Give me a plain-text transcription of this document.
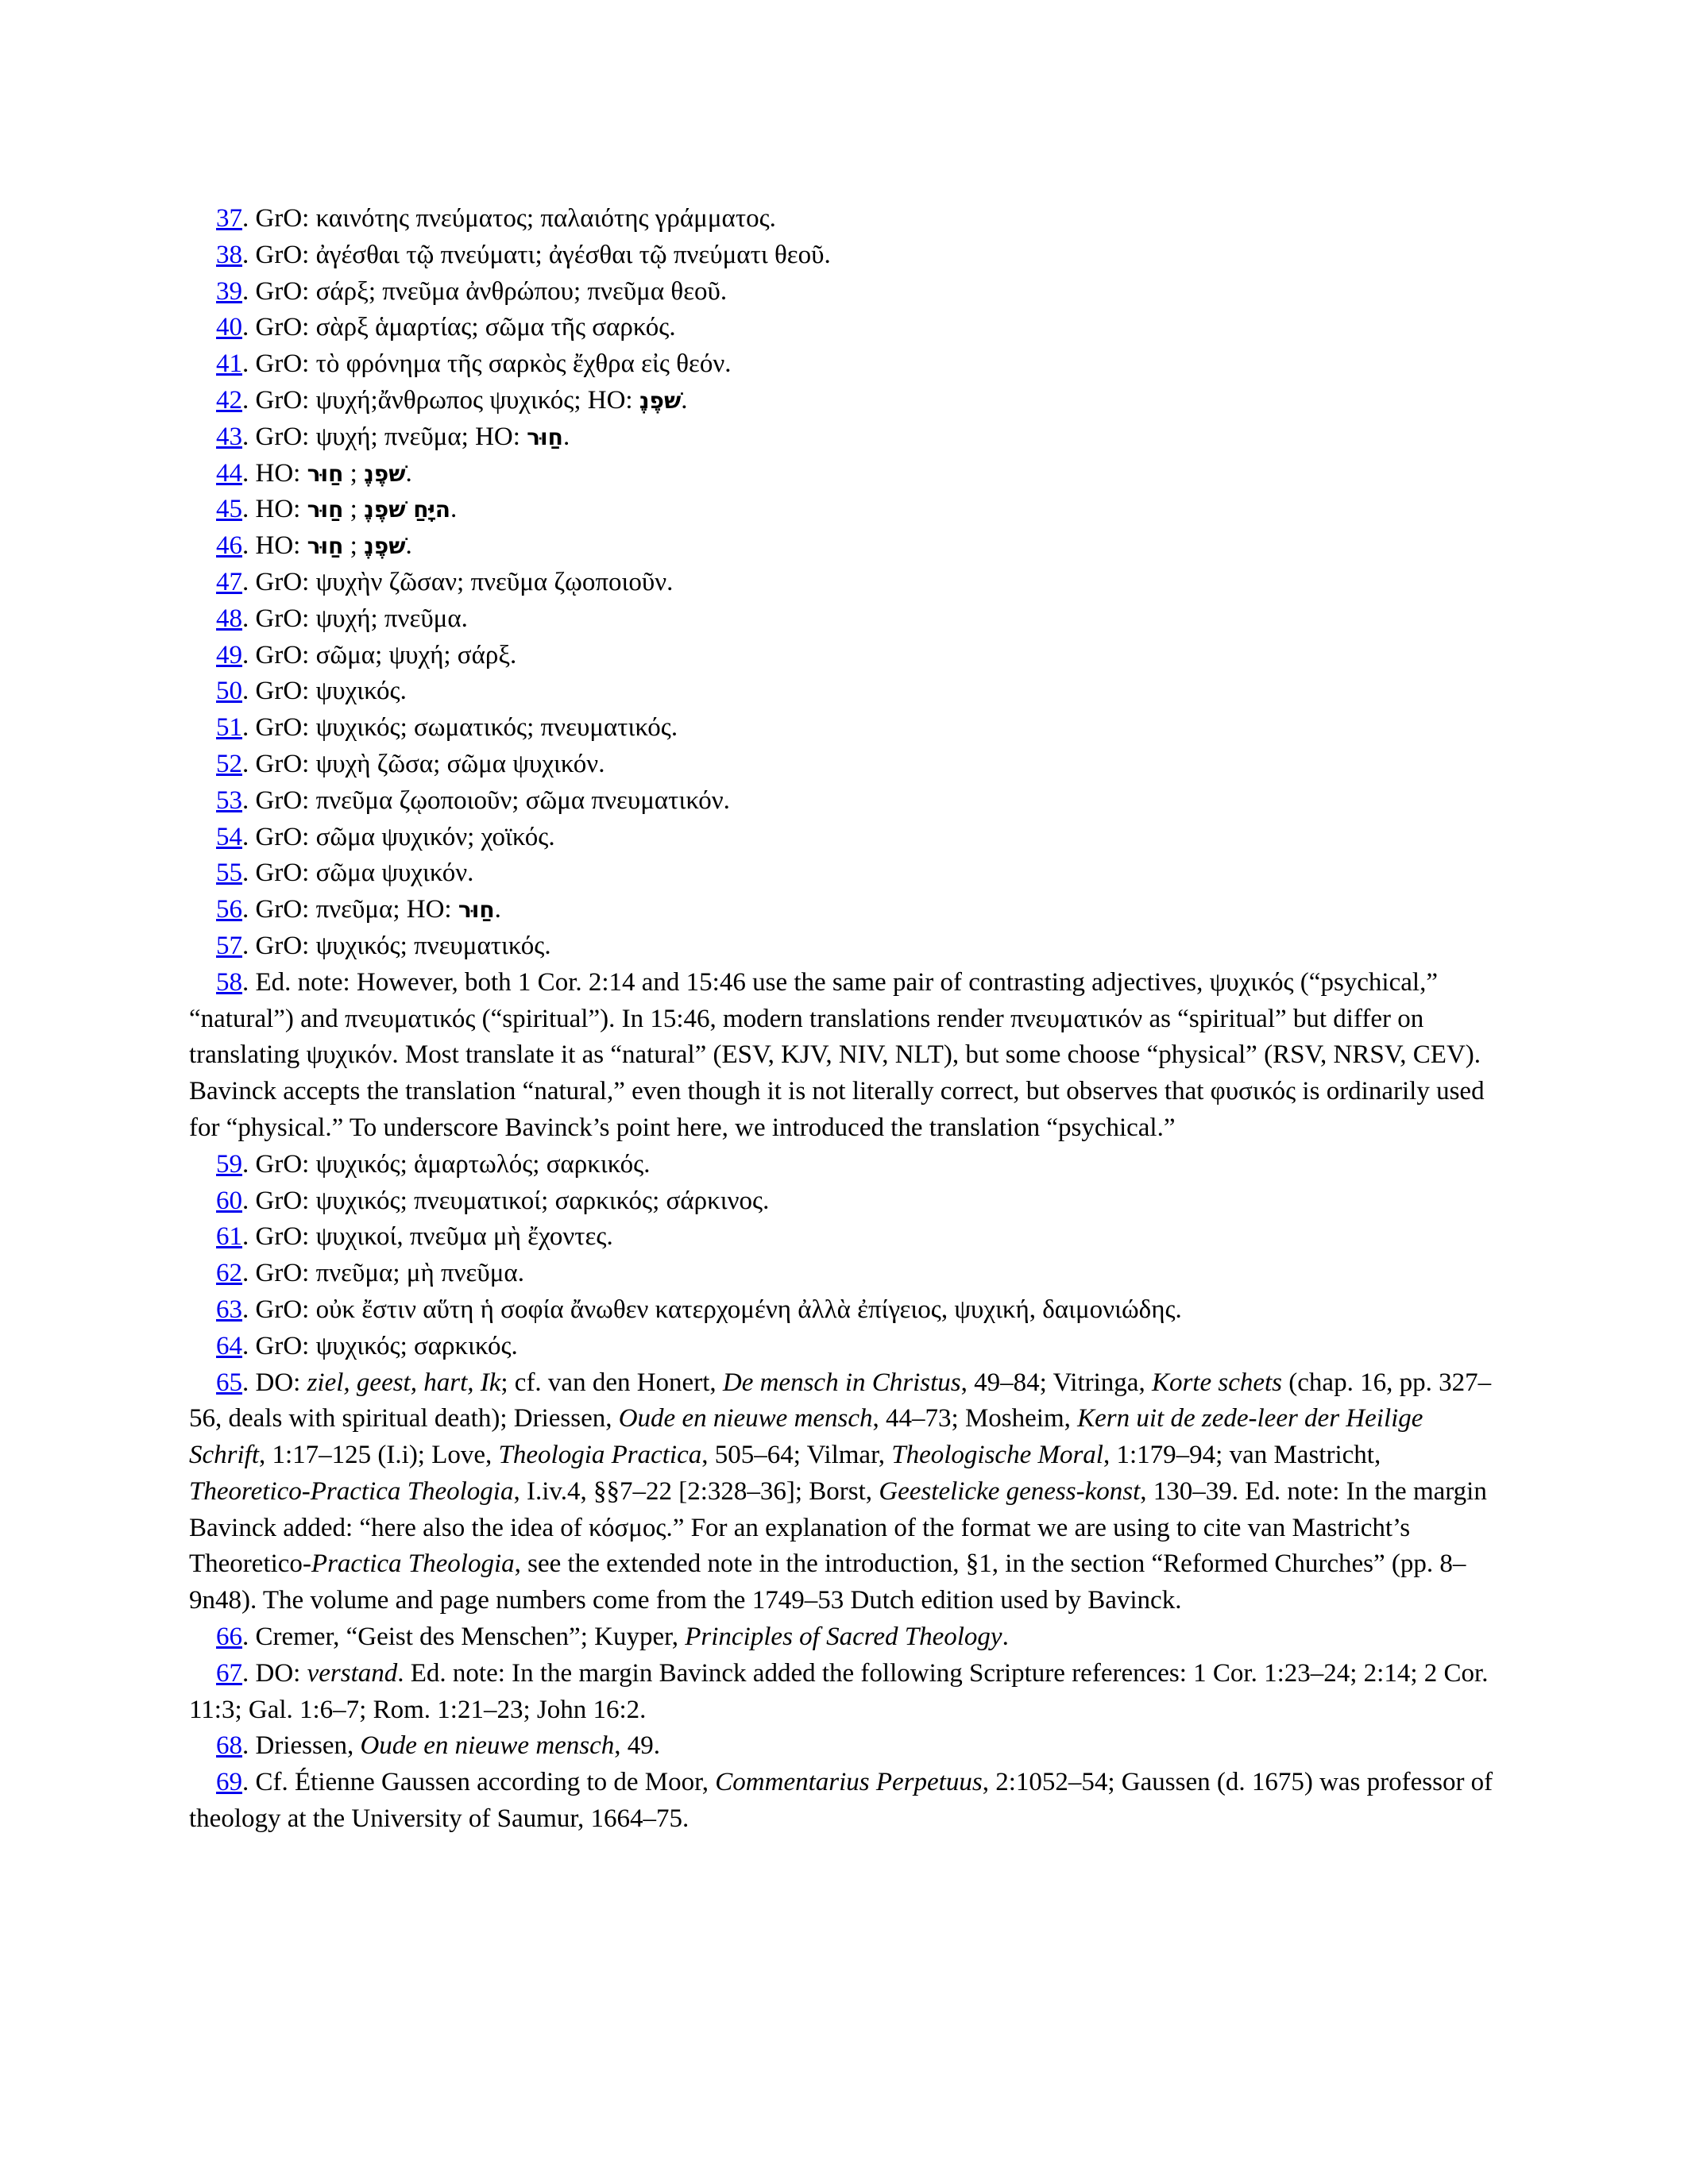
37. GrO: καινότης πνεύματος; παλαιότης γράμματος.

38. GrO: ἀγέσθαι τῷ πνεύματι; ἀγέσθαι τῷ πνεύματι θεοῦ.

39. GrO: σάρξ; πνεῦμα ἀνθρώπου; πνεῦμα θεοῦ.

40. GrO: σὰρξ ἁμαρτίας; σῶμα τῆς σαρκός.

41. GrO: τὸ φρόνημα τῆς σαρκὸς ἔχθρα εἰς θεόν.

42. GrO: ψυχή;ἄνθρωπος ψυχικός; HO: נֶפֶשׁ.

43. GrO: ψυχή; πνεῦμα; HO: רוּחַ.

44. HO: רוּחַ ; נֶפֶשׁ.

45. HO: רוּחַ ; נֶפֶשׁ חַיָּה.

46. HO: רוּחַ ; נֶפֶשׁ.

47. GrO: ψυχὴν ζῶσαν; πνεῦμα ζῳοποιοῦν.

48. GrO: ψυχή; πνεῦμα.

49. GrO: σῶμα; ψυχή; σάρξ.

50. GrO: ψυχικός.

51. GrO: ψυχικός; σωματικός; πνευματικός.

52. GrO: ψυχὴ ζῶσα; σῶμα ψυχικόν.

53. GrO: πνεῦμα ζῳοποιοῦν; σῶμα πνευματικόν.

54. GrO: σῶμα ψυχικόν; χοϊκός.

55. GrO: σῶμα ψυχικόν.

56. GrO: πνεῦμα; HO: רוּחַ.

57. GrO: ψυχικός; πνευματικός.

58. Ed. note: However, both 1 Cor. 2:14 and 15:46 use the same pair of contrasting adjectives, ψυχικός (“psychical,” “natural”) and πνευματικός (“spiritual”). In 15:46, modern translations render πνευματικόν as “spiritual” but differ on translating ψυχικόν. Most translate it as “natural” (ESV, KJV, NIV, NLT), but some choose “physical” (RSV, NRSV, CEV). Bavinck accepts the translation “natural,” even though it is not literally correct, but observes that φυσικός is ordinarily used for “physical.” To underscore Bavinck’s point here, we introduced the translation “psychical.”

59. GrO: ψυχικός; ἁμαρτωλός; σαρκικός.

60. GrO: ψυχικός; πνευματικοί; σαρκικός; σάρκινος.

61. GrO: ψυχικοί, πνεῦμα μὴ ἔχοντες.

62. GrO: πνεῦμα; μὴ πνεῦμα.

63. GrO: οὐκ ἔστιν αὕτη ἡ σοφία ἄνωθεν κατερχομένη ἀλλὰ ἐπίγειος, ψυχική, δαιμονιώδης.

64. GrO: ψυχικός; σαρκικός.

65. DO: ziel, geest, hart, Ik; cf. van den Honert, De mensch in Christus, 49–84; Vitringa, Korte schets (chap. 16, pp. 327–56, deals with spiritual death); Driessen, Oude en nieuwe mensch, 44–73; Mosheim, Kern uit de zede-leer der Heilige Schrift, 1:17–125 (I.i); Love, Theologia Practica, 505–64; Vilmar, Theologische Moral, 1:179–94; van Mastricht, Theoretico-Practica Theologia, I.iv.4, §§7–22 [2:328–36]; Borst, Geestelicke geness-konst, 130–39. Ed. note: In the margin Bavinck added: “here also the idea of κόσμος.” For an explanation of the format we are using to cite van Mastricht’s Theoretico-Practica Theologia, see the extended note in the introduction, §1, in the section “Reformed Churches” (pp. 8–9n48). The volume and page numbers come from the 1749–53 Dutch edition used by Bavinck.

66. Cremer, “Geist des Menschen”; Kuyper, Principles of Sacred Theology.

67. DO: verstand. Ed. note: In the margin Bavinck added the following Scripture references: 1 Cor. 1:23–24; 2:14; 2 Cor. 11:3; Gal. 1:6–7; Rom. 1:21–23; John 16:2.

68. Driessen, Oude en nieuwe mensch, 49.

69. Cf. Étienne Gaussen according to de Moor, Commentarius Perpetuus, 2:1052–54; Gaussen (d. 1675) was professor of theology at the University of Saumur, 1664–75.
